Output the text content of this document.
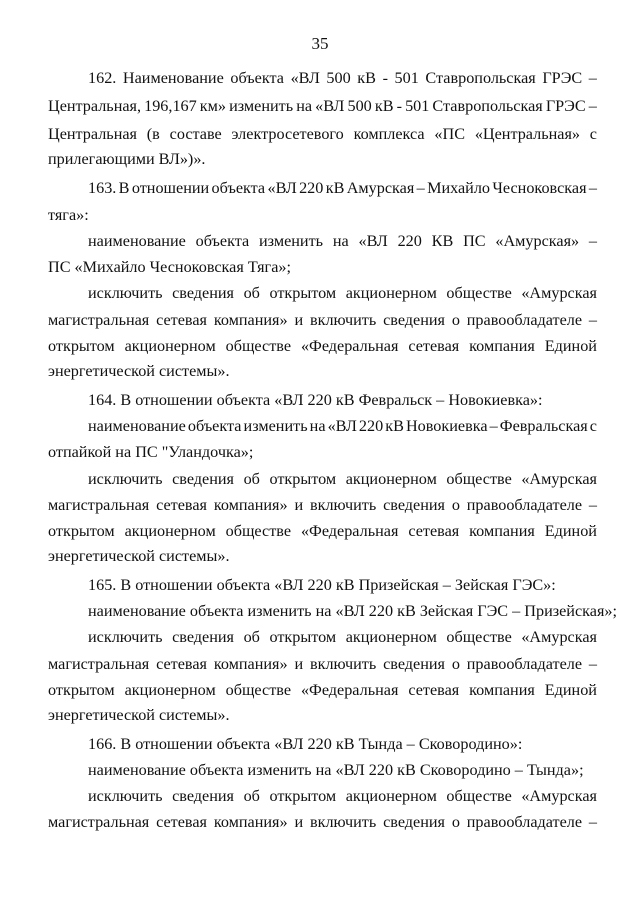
35
162. Наименование объекта «ВЛ 500 кВ - 501 Ставропольская ГРЭС –
Центральная, 196,167 км» изменить на «ВЛ 500 кВ - 501 Ставропольская ГРЭС –
Центральная (в составе электросетевого комплекса «ПС «Центральная» с
прилегающими ВЛ»)».
163. В отношении объекта «ВЛ 220 кВ Амурская – Михайло Чесноковская –
тяга»:
наименование объекта изменить на «ВЛ 220 КВ ПС «Амурская» –
ПС «Михайло Чесноковская Тяга»;
исключить сведения об открытом акционерном обществе «Амурская
магистральная сетевая компания» и включить сведения о правообладателе –
открытом акционерном обществе «Федеральная сетевая компания Единой
энергетической системы».
164. В отношении объекта «ВЛ 220 кВ Февральск – Новокиевка»:
наименование объекта изменить на «ВЛ 220 кВ Новокиевка – Февральская с
отпайкой на ПС "Уландочка»;
исключить сведения об открытом акционерном обществе «Амурская
магистральная сетевая компания» и включить сведения о правообладателе –
открытом акционерном обществе «Федеральная сетевая компания Единой
энергетической системы».
165. В отношении объекта «ВЛ 220 кВ Призейская – Зейская ГЭС»:
наименование объекта изменить на «ВЛ 220 кВ Зейская ГЭС – Призейская»;
исключить сведения об открытом акционерном обществе «Амурская
магистральная сетевая компания» и включить сведения о правообладателе –
открытом акционерном обществе «Федеральная сетевая компания Единой
энергетической системы».
166. В отношении объекта «ВЛ 220 кВ Тында – Сковородино»:
наименование объекта изменить на «ВЛ 220 кВ Сковородино – Тында»;
исключить сведения об открытом акционерном обществе «Амурская
магистральная сетевая компания» и включить сведения о правообладателе –
